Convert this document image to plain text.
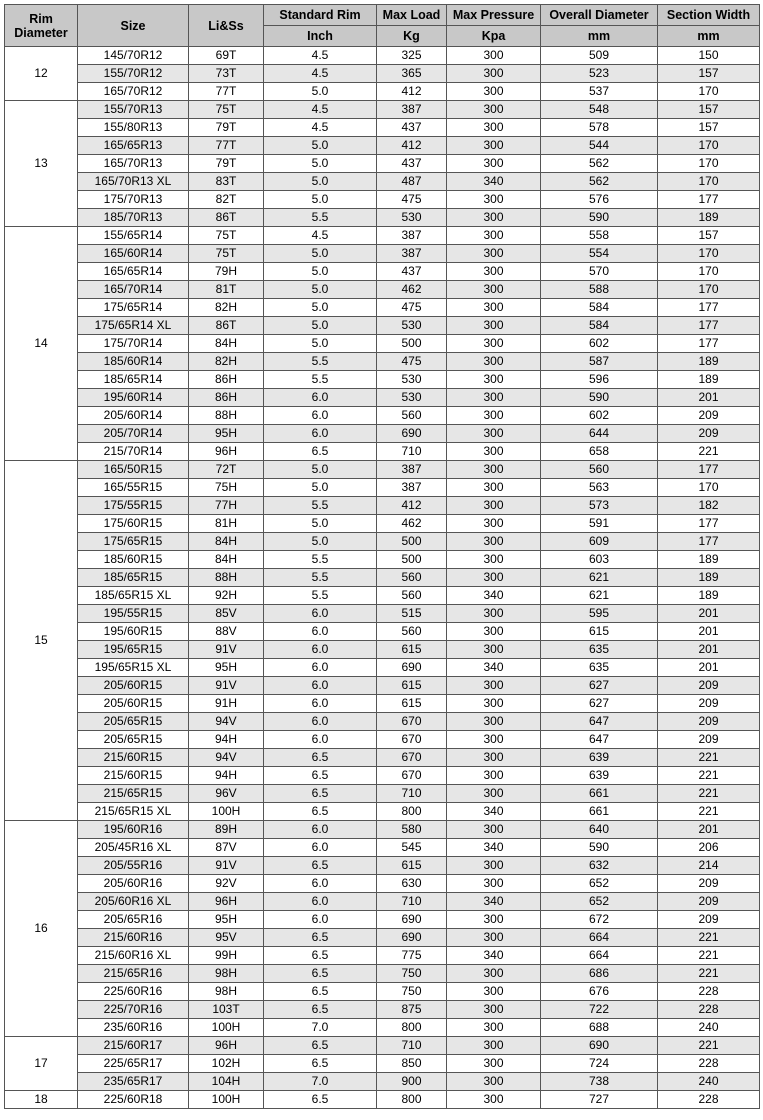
Rim
Diameter	Size	Li&Ss	Standard Rim	Max Load	Max Pressure	Overall Diameter	Section Width
			Inch	Kg	Kpa	mm	mm
12	145/70R12	69T	4.5	325	300	509	150
	155/70R12	73T	4.5	365	300	523	157
	165/70R12	77T	5.0	412	300	537	170
13	155/70R13	75T	4.5	387	300	548	157
	155/80R13	79T	4.5	437	300	578	157
	165/65R13	77T	5.0	412	300	544	170
	165/70R13	79T	5.0	437	300	562	170
	165/70R13 XL	83T	5.0	487	340	562	170
	175/70R13	82T	5.0	475	300	576	177
	185/70R13	86T	5.5	530	300	590	189
14	155/65R14	75T	4.5	387	300	558	157
	165/60R14	75T	5.0	387	300	554	170
	165/65R14	79H	5.0	437	300	570	170
	165/70R14	81T	5.0	462	300	588	170
	175/65R14	82H	5.0	475	300	584	177
	175/65R14 XL	86T	5.0	530	300	584	177
	175/70R14	84H	5.0	500	300	602	177
	185/60R14	82H	5.5	475	300	587	189
	185/65R14	86H	5.5	530	300	596	189
	195/60R14	86H	6.0	530	300	590	201
	205/60R14	88H	6.0	560	300	602	209
	205/70R14	95H	6.0	690	300	644	209
	215/70R14	96H	6.5	710	300	658	221
15	165/50R15	72T	5.0	387	300	560	177
	165/55R15	75H	5.0	387	300	563	170
	175/55R15	77H	5.5	412	300	573	182
	175/60R15	81H	5.0	462	300	591	177
	175/65R15	84H	5.0	500	300	609	177
	185/60R15	84H	5.5	500	300	603	189
	185/65R15	88H	5.5	560	300	621	189
	185/65R15 XL	92H	5.5	560	340	621	189
	195/55R15	85V	6.0	515	300	595	201
	195/60R15	88V	6.0	560	300	615	201
	195/65R15	91V	6.0	615	300	635	201
	195/65R15 XL	95H	6.0	690	340	635	201
	205/60R15	91V	6.0	615	300	627	209
	205/60R15	91H	6.0	615	300	627	209
	205/65R15	94V	6.0	670	300	647	209
	205/65R15	94H	6.0	670	300	647	209
	215/60R15	94V	6.5	670	300	639	221
	215/60R15	94H	6.5	670	300	639	221
	215/65R15	96V	6.5	710	300	661	221
	215/65R15 XL	100H	6.5	800	340	661	221
16	195/60R16	89H	6.0	580	300	640	201
	205/45R16 XL	87V	6.0	545	340	590	206
	205/55R16	91V	6.5	615	300	632	214
	205/60R16	92V	6.0	630	300	652	209
	205/60R16 XL	96H	6.0	710	340	652	209
	205/65R16	95H	6.0	690	300	672	209
	215/60R16	95V	6.5	690	300	664	221
	215/60R16 XL	99H	6.5	775	340	664	221
	215/65R16	98H	6.5	750	300	686	221
	225/60R16	98H	6.5	750	300	676	228
	225/70R16	103T	6.5	875	300	722	228
	235/60R16	100H	7.0	800	300	688	240
17	215/60R17	96H	6.5	710	300	690	221
	225/65R17	102H	6.5	850	300	724	228
	235/65R17	104H	7.0	900	300	738	240
18	225/60R18	100H	6.5	800	300	727	228
